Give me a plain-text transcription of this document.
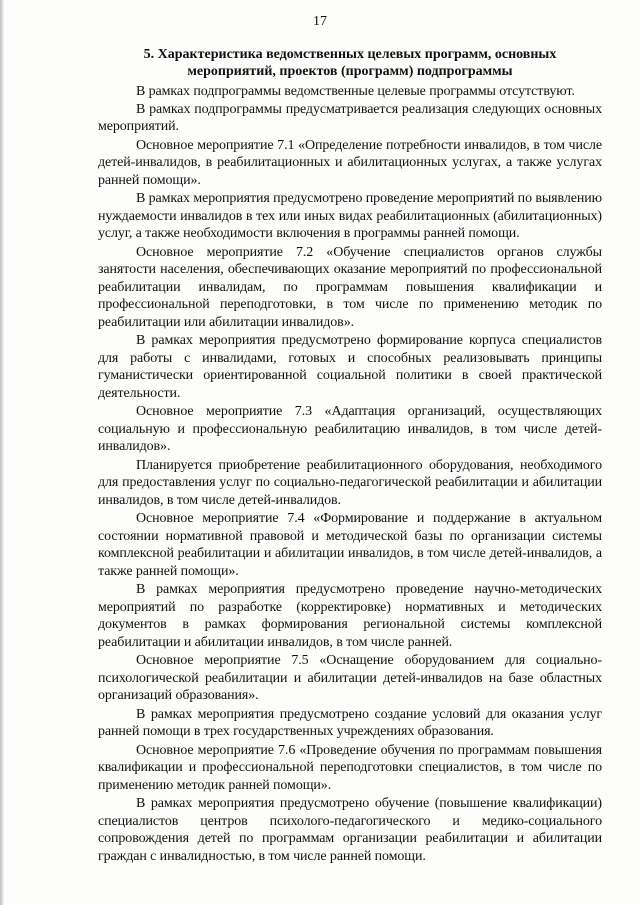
17
5. Характеристика ведомственных целевых программ, основных мероприятий, проектов (программ) подпрограммы

В рамках подпрограммы ведомственные целевые программы отсутствуют.

В рамках подпрограммы предусматривается реализация следующих основных мероприятий.

Основное мероприятие 7.1 «Определение потребности инвалидов, в том числе детей-инвалидов, в реабилитационных и абилитационных услугах, а также услугах ранней помощи».

В рамках мероприятия предусмотрено проведение мероприятий по выявлению нуждаемости инвалидов в тех или иных видах реабилитационных (абилитационных) услуг, а также необходимости включения в программы ранней помощи.

Основное мероприятие 7.2 «Обучение специалистов органов службы занятости населения, обеспечивающих оказание мероприятий по профессиональной реабилитации инвалидам, по программам повышения квалификации и профессиональной переподготовки, в том числе по применению методик по реабилитации или абилитации инвалидов».

В рамках мероприятия предусмотрено формирование корпуса специалистов для работы с инвалидами, готовых и способных реализовывать принципы гуманистически ориентированной социальной политики в своей практической деятельности.

Основное мероприятие 7.3 «Адаптация организаций, осуществляющих социальную и профессиональную реабилитацию инвалидов, в том числе детей-инвалидов».

Планируется приобретение реабилитационного оборудования, необходимого для предоставления услуг по социально-педагогической реабилитации и абилитации инвалидов, в том числе детей-инвалидов.

Основное мероприятие 7.4 «Формирование и поддержание в актуальном состоянии нормативной правовой и методической базы по организации системы комплексной реабилитации и абилитации инвалидов, в том числе детей-инвалидов, а также ранней помощи».

В рамках мероприятия предусмотрено проведение научно-методических мероприятий по разработке (корректировке) нормативных и методических документов в рамках формирования региональной системы комплексной реабилитации и абилитации инвалидов, в том числе ранней.

Основное мероприятие 7.5 «Оснащение оборудованием для социально-психологической реабилитации и абилитации детей-инвалидов на базе областных организаций образования».

В рамках мероприятия предусмотрено создание условий для оказания услуг ранней помощи в трех государственных учреждениях образования.

Основное мероприятие 7.6 «Проведение обучения по программам повышения квалификации и профессиональной переподготовки специалистов, в том числе по применению методик ранней помощи».

В рамках мероприятия предусмотрено обучение (повышение квалификации) специалистов центров психолого-педагогического и медико-социального сопровождения детей по программам организации реабилитации и абилитации граждан с инвалидностью, в том числе ранней помощи.
